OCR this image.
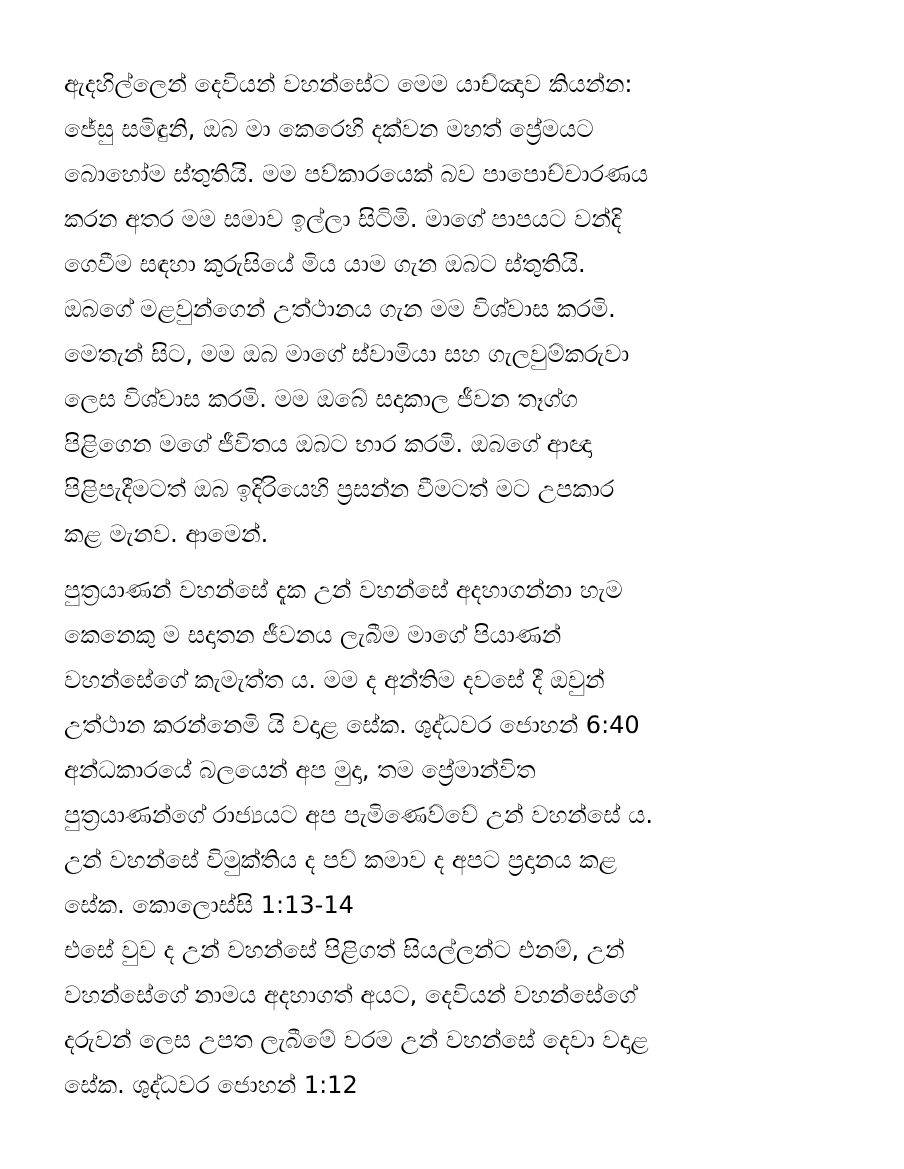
ඇදහිල්ලෙන් දෙවියන් වහන්සේට මෙම යාච්ඤාව කියන්න:
ජේසු සමිඳුනි, ඔබ මා කෙරෙහි දක්වන මහත් ප්‍රේමයට
බොහෝම ස්තුතියි. මම පව්කාරයෙක් බව පාපොච්චාරණය
කරන අතර මම සමාව ඉල්ලා සිටිමි. මාගේ පාපයට වන්දි
ගෙවීම සඳහා කුරුසියේ මිය යාම ගැන ඔබට ස්තුතියි.
ඔබගේ මළවුන්ගෙන් උත්ථානය ගැන මම විශ්වාස කරමි.
මෙතැන් සිට, මම ඔබ මාගේ ස්වාමියා සහ ගැලවුම්කරුවා
ලෙස විශ්වාස කරමි. මම ඔබේ සදාකාල ජීවන තෑග්ග
පිළිගෙන මගේ ජීවිතය ඔබට භාර කරමි. ඔබගේ ආඥා
පිළිපැදීමටත් ඔබ ඉදිරියෙහි ප්‍රසන්න වීමටත් මට උපකාර
කළ මැනව. ආමෙන්.
පුත්‍රයාණන් වහන්සේ දැක උන් වහන්සේ අදහාගන්නා හැම
කෙනෙකු ම සදාතන ජීවනය ලැබීම මාගේ පියාණන්
වහන්සේගේ කැමැත්ත ය. මම ද අන්තිම දවසේ දී ඔවුන්
උත්ථාන කරන්නෙමි යි වදාළ සේක. ශුද්ධවර ජොහන් 6:40
අන්ධකාරයේ බලයෙන් අප මුදා, තම ප්‍රේමාන්විත
පුත්‍රයාණන්ගේ රාජ්‍යයට අප පැමිණෙව්වේ උන් වහන්සේ ය.
උන් වහන්සේ විමුක්තිය ද පව් කමාව ද අපට ප්‍රදානය කළ
සේක. කොලොස්සි 1:13-14
එසේ වුව ද උන් වහන්සේ පිළිගත් සියල්ලන්ට එනම්, උන්
වහන්සේගේ නාමය අදහාගත් අයට, දෙවියන් වහන්සේගේ
දරුවන් ලෙස උපත ලැබීමේ වරම උන් වහන්සේ දෙවා වදාළ
සේක. ශුද්ධවර ජොහන් 1:12
